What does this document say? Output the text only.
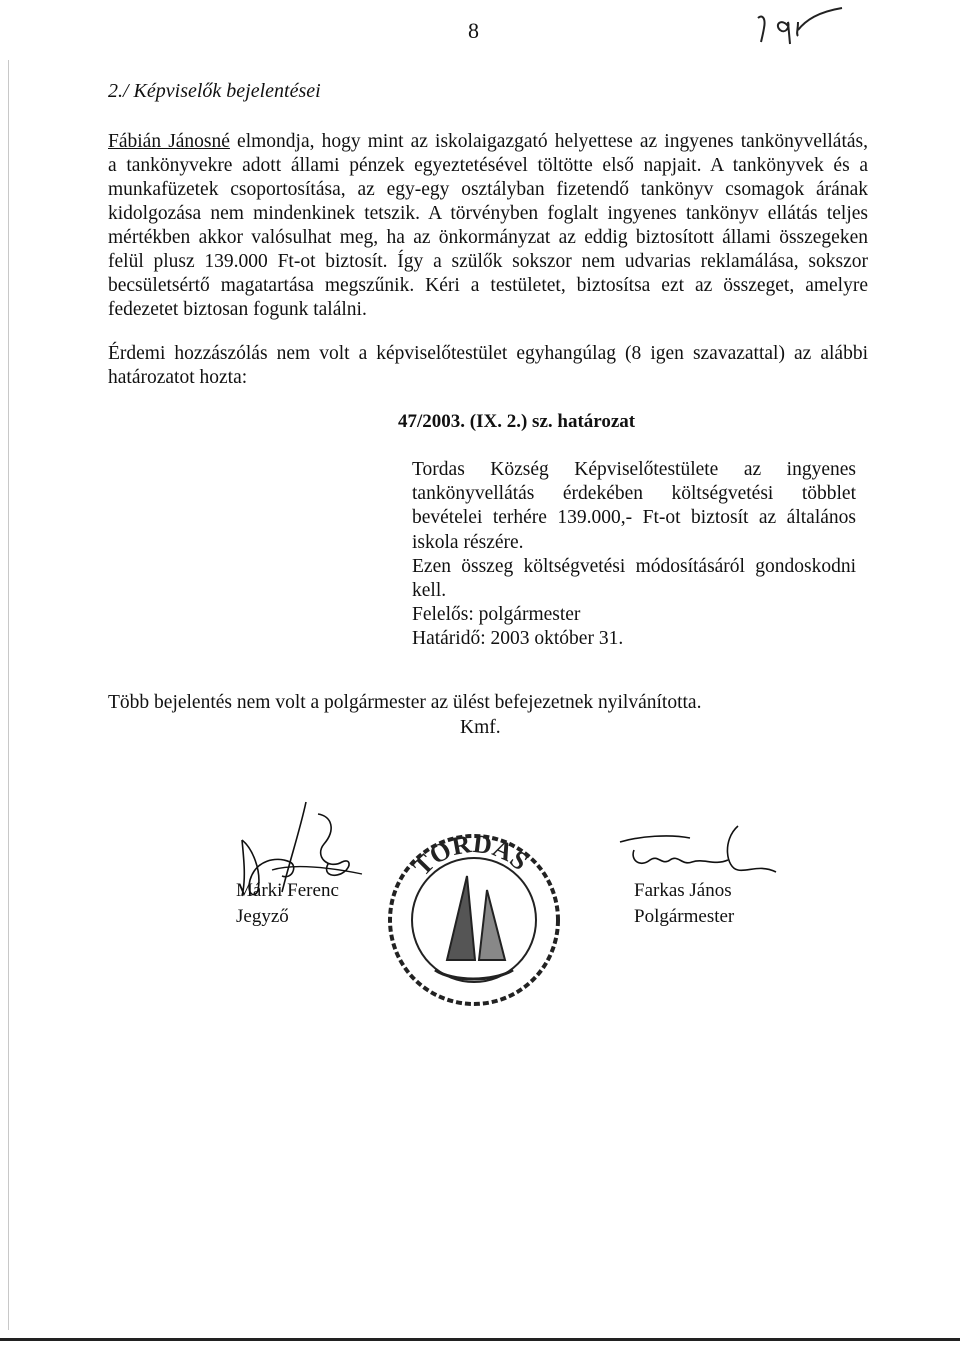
8
2./ Képviselők bejelentései
Fábián Jánosné elmondja, hogy mint az iskolaigazgató helyettese az ingyenes tankönyvellátás,
a tankönyvekre adott állami pénzek egyeztetésével töltötte első napjait. A tankönyvek és a
munkafüzetek csoportosítása, az egy-egy osztályban fizetendő tankönyv csomagok árának
kidolgozása nem mindenkinek tetszik. A törvényben foglalt ingyenes tankönyv ellátás teljes
mértékben akkor valósulhat meg, ha az önkormányzat az eddig biztosított állami összegeken
felül plusz 139.000 Ft-ot biztosít. Így a szülők sokszor nem udvarias reklamálása, sokszor
becsületsértő magatartása megszűnik. Kéri a testületet, biztosítsa ezt az összeget, amelyre
fedezetet biztosan fogunk találni.
Érdemi hozzászólás nem volt a képviselőtestület egyhangúlag (8 igen szavazattal) az alábbi
határozatot hozta:
47/2003. (IX. 2.) sz. határozat
Tordas Község Képviselőtestülete az ingyenes
tankönyvellátás érdekében költségvetési többlet
bevételei terhére 139.000,- Ft-ot biztosít az általános
iskola részére.
Ezen összeg költségvetési módosításáról gondoskodni
kell.
Felelős: polgármester
Határidő: 2003 október 31.
Több bejelentés nem volt a polgármester az ülést befejezetnek nyilvánította.
Kmf.
Márki Ferenc
Jegyző
TORDAS
Farkas János
Polgármester
